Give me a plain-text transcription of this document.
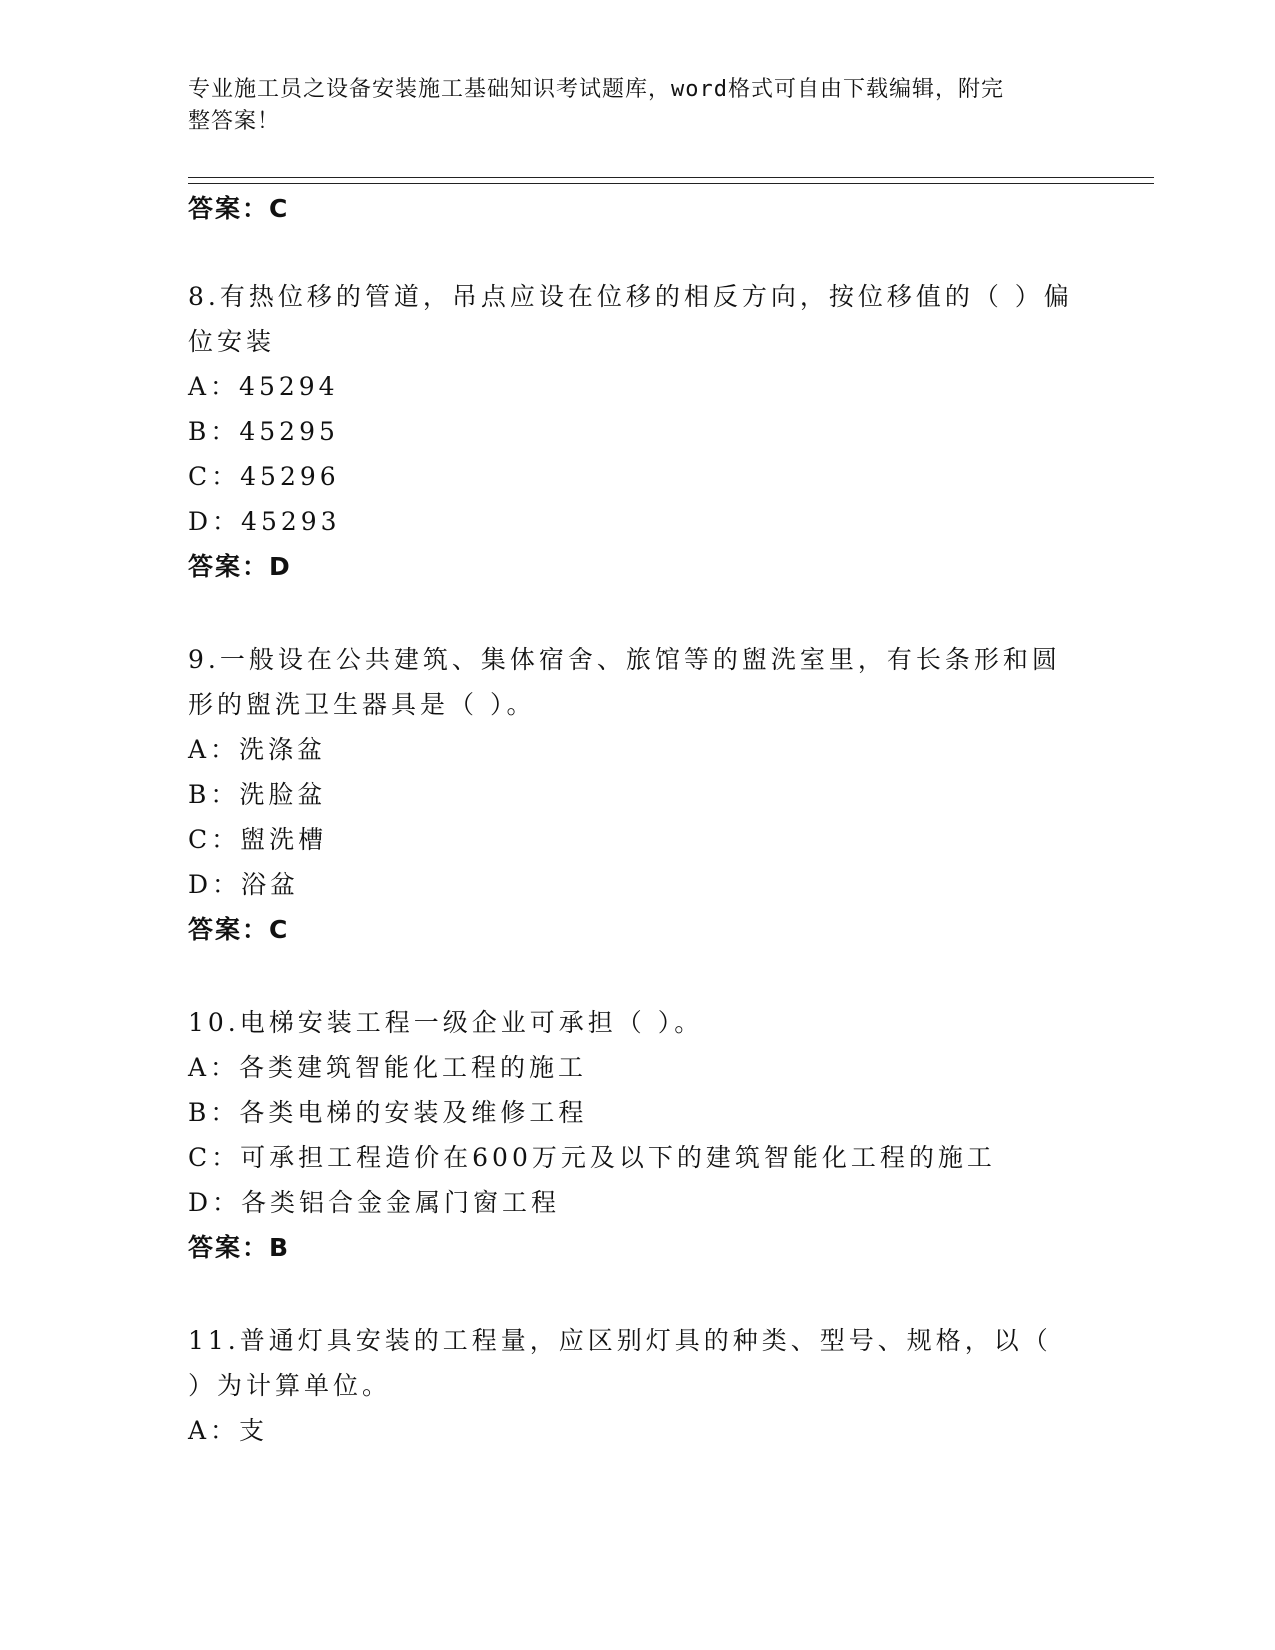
专业施工员之设备安装施工基础知识考试题库，word格式可自由下载编辑，附完
整答案！
答案：C
8.有热位移的管道，吊点应设在位移的相反方向，按位移值的（ ）偏
位安装
A：45294
B：45295
C：45296
D：45293
答案：D
9.一般设在公共建筑、集体宿舍、旅馆等的盥洗室里，有长条形和圆
形的盥洗卫生器具是（ ）。
A：洗涤盆
B：洗脸盆
C：盥洗槽
D：浴盆
答案：C
10.电梯安装工程一级企业可承担（ ）。
A：各类建筑智能化工程的施工
B：各类电梯的安装及维修工程
C：可承担工程造价在600万元及以下的建筑智能化工程的施工
D：各类铝合金金属门窗工程
答案：B
11.普通灯具安装的工程量，应区别灯具的种类、型号、规格，以（
）为计算单位。
A：支
